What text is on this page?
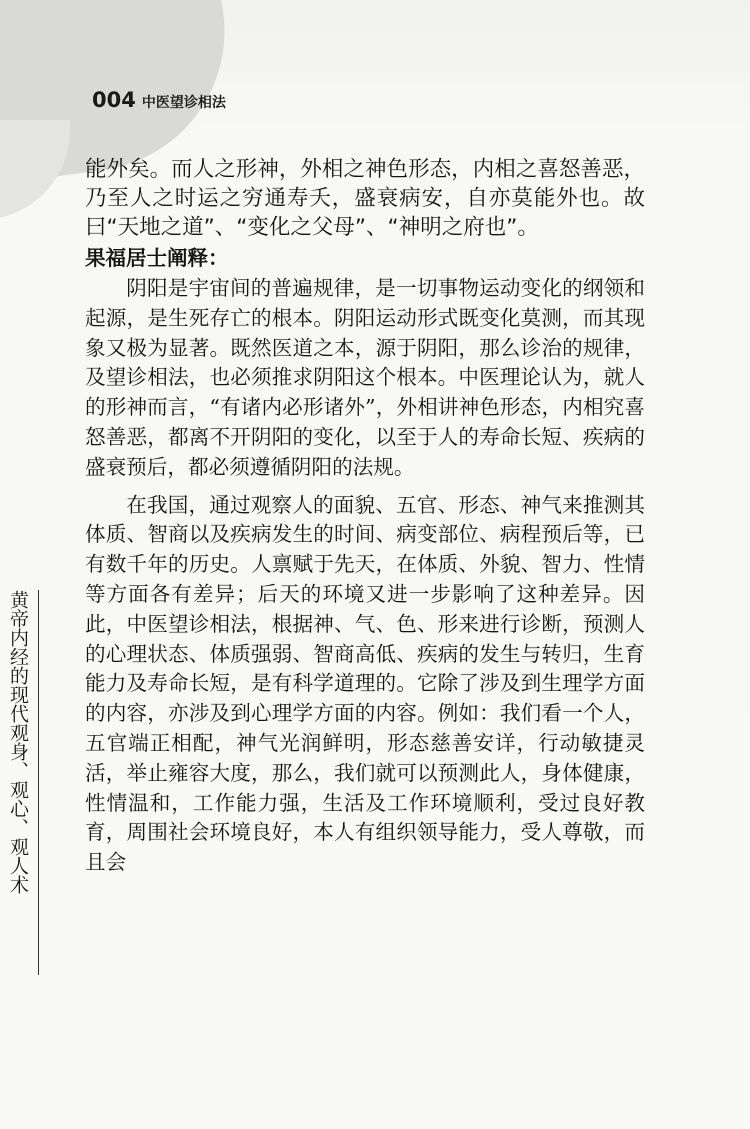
004 中医望诊相法
黄帝内经的现代观身、观心、观人术

能外矣。而人之形神，外相之神色形态，内相之喜怒善恶，乃至人之时运之穷通寿夭，盛衰病安，自亦莫能外也。故曰“天地之道”、“变化之父母”、“神明之府也”。

果福居士阐释：

阴阳是宇宙间的普遍规律，是一切事物运动变化的纲领和起源，是生死存亡的根本。阴阳运动形式既变化莫测，而其现象又极为显著。既然医道之本，源于阴阳，那么诊治的规律，及望诊相法，也必须推求阴阳这个根本。中医理论认为，就人的形神而言，“有诸内必形诸外”，外相讲神色形态，内相究喜怒善恶，都离不开阴阳的变化，以至于人的寿命长短、疾病的盛衰预后，都必须遵循阴阳的法规。

在我国，通过观察人的面貌、五官、形态、神气来推测其体质、智商以及疾病发生的时间、病变部位、病程预后等，已有数千年的历史。人禀赋于先天，在体质、外貌、智力、性情等方面各有差异；后天的环境又进一步影响了这种差异。因此，中医望诊相法，根据神、气、色、形来进行诊断，预测人的心理状态、体质强弱、智商高低、疾病的发生与转归，生育能力及寿命长短，是有科学道理的。它除了涉及到生理学方面的内容，亦涉及到心理学方面的内容。例如：我们看一个人，五官端正相配，神气光润鲜明，形态慈善安详，行动敏捷灵活，举止雍容大度，那么，我们就可以预测此人，身体健康，性情温和，工作能力强，生活及工作环境顺利，受过良好教育，周围社会环境良好，本人有组织领导能力，受人尊敬，而且会
